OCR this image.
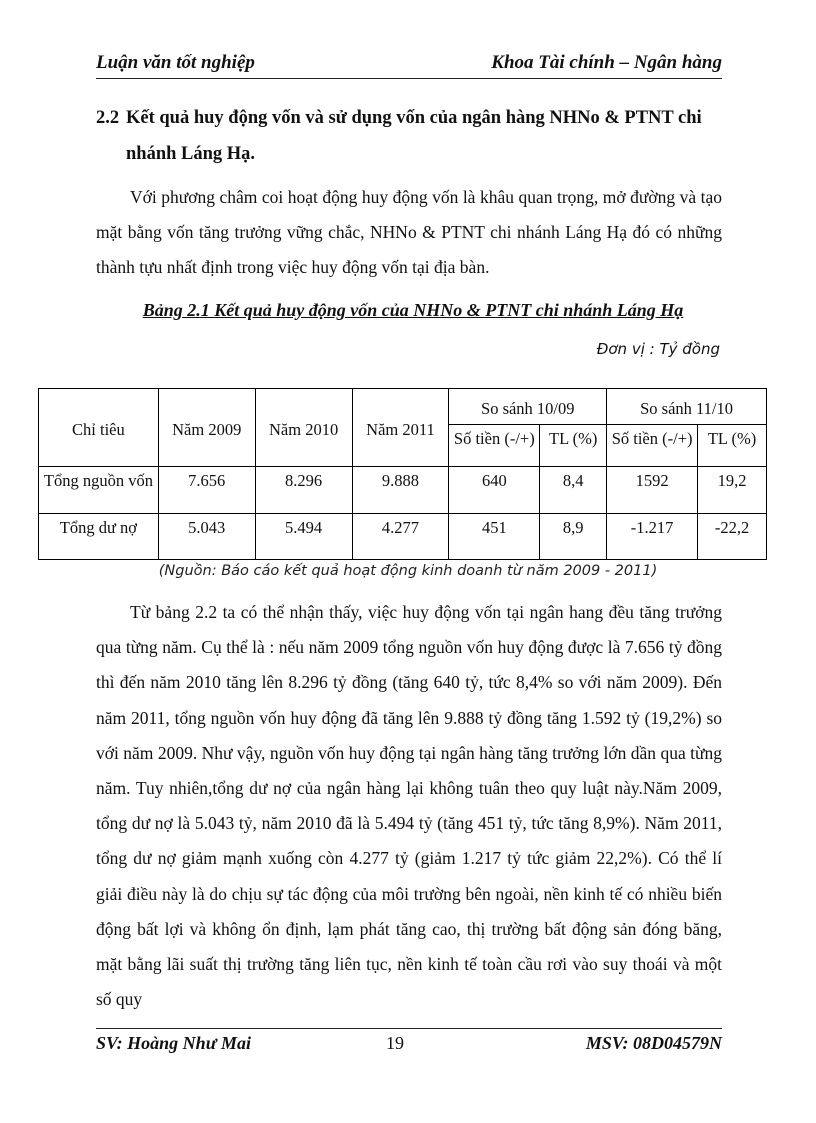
Luận văn tốt nghiệp	Khoa Tài chính – Ngân hàng
2.2 Kết quả huy động vốn và sử dụng vốn của ngân hàng NHNo & PTNT chi nhánh Láng Hạ.

Với phương châm coi hoạt động huy động vốn là khâu quan trọng, mở đường và tạo mặt bằng vốn tăng trưởng vững chắc, NHNo & PTNT chi nhánh Láng Hạ đó có những thành tựu nhất định trong việc huy động vốn tại địa bàn.

Bảng 2.1 Kết quả huy động vốn của NHNo & PTNT chi nhánh Láng Hạ
Đơn vị : Tỷ đồng
Chỉ tiêu	Năm 2009	Năm 2010	Năm 2011	So sánh 10/09		So sánh 11/10	
				Số tiền (-/+)	TL (%)	Số tiền (-/+)	TL (%)
Tổng nguồn vốn	7.656	8.296	9.888	640	8,4	1592	19,2
Tổng dư nợ	5.043	5.494	4.277	451	8,9	-1.217	-22,2
(Nguồn: Báo cáo kết quả hoạt động kinh doanh từ năm 2009 - 2011)

Từ bảng 2.2 ta có thể nhận thấy, việc huy động vốn tại ngân hang đều tăng trưởng qua từng năm. Cụ thể là : nếu năm 2009 tổng nguồn vốn huy động được là 7.656 tỷ đồng thì đến năm 2010 tăng lên 8.296 tỷ đồng (tăng 640 tỷ, tức 8,4% so với năm 2009). Đến năm 2011, tổng nguồn vốn huy động đã tăng lên 9.888 tỷ đồng tăng 1.592 tỷ (19,2%) so với năm 2009. Như vậy, nguồn vốn huy động tại ngân hàng tăng trưởng lớn dần qua từng năm. Tuy nhiên,tổng dư nợ của ngân hàng lại không tuân theo quy luật này.Năm 2009, tổng dư nợ là 5.043 tỷ, năm 2010 đã là 5.494 tỷ (tăng 451 tỷ, tức tăng 8,9%). Năm 2011, tổng dư nợ giảm mạnh xuống còn 4.277 tỷ (giảm 1.217 tỷ tức giảm 22,2%). Có thể lí giải điều này là do chịu sự tác động của môi trường bên ngoài, nền kinh tế có nhiều biến động bất lợi và không ổn định, lạm phát tăng cao, thị trường bất động sản đóng băng, mặt bằng lãi suất thị trường tăng liên tục, nền kinh tế toàn cầu rơi vào suy thoái và một số quy

SV: Hoàng Như Mai	19	MSV: 08D04579N
